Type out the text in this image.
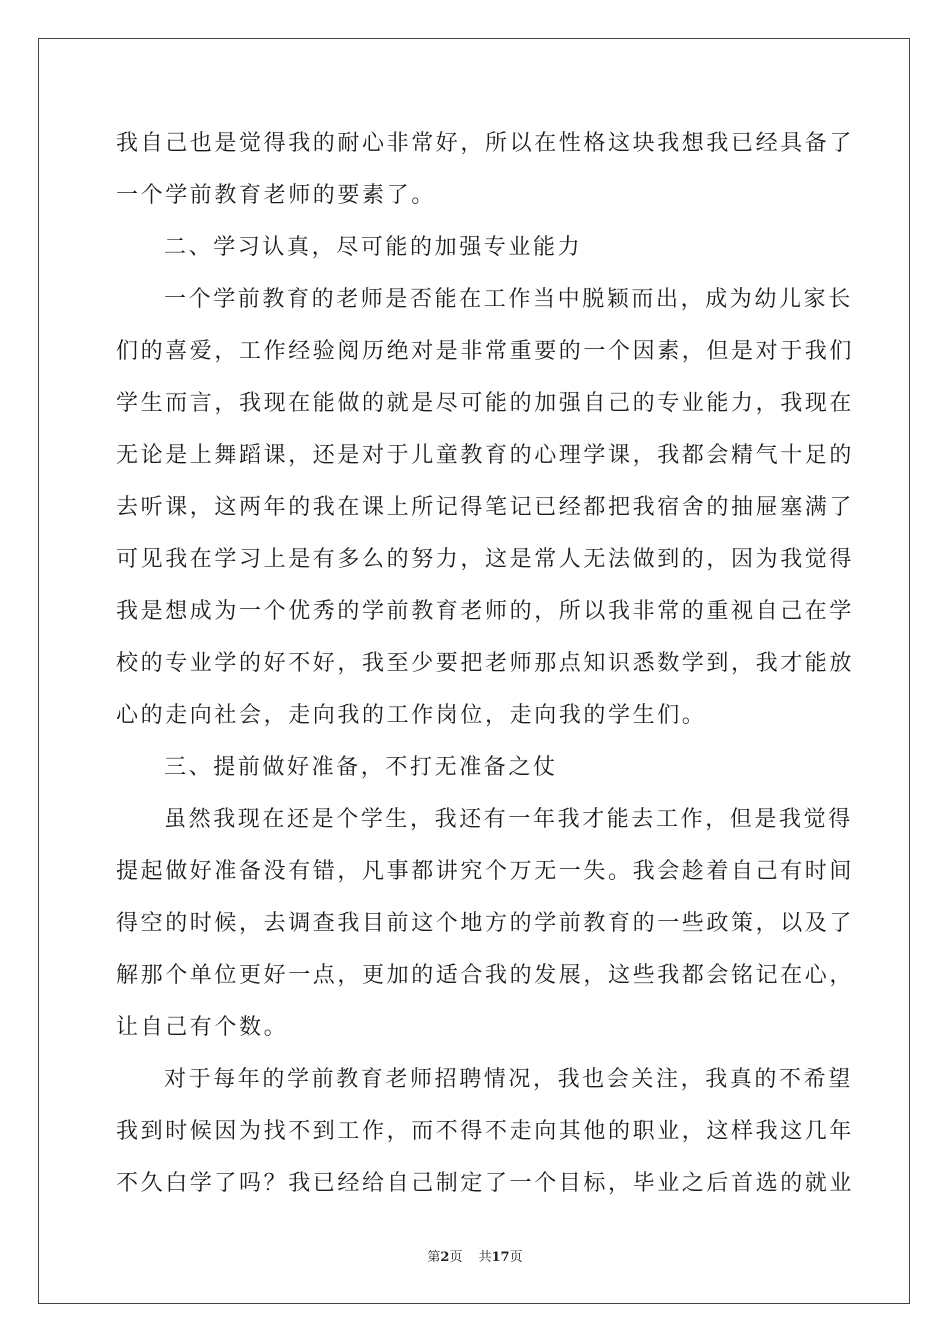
我自己也是觉得我的耐心非常好，所以在性格这块我想我已经具备了
一个学前教育老师的要素了。
二、学习认真，尽可能的加强专业能力
一个学前教育的老师是否能在工作当中脱颖而出，成为幼儿家长
们的喜爱，工作经验阅历绝对是非常重要的一个因素，但是对于我们
学生而言，我现在能做的就是尽可能的加强自己的专业能力，我现在
无论是上舞蹈课，还是对于儿童教育的心理学课，我都会精气十足的
去听课，这两年的我在课上所记得笔记已经都把我宿舍的抽屉塞满了
可见我在学习上是有多么的努力，这是常人无法做到的，因为我觉得
我是想成为一个优秀的学前教育老师的，所以我非常的重视自己在学
校的专业学的好不好，我至少要把老师那点知识悉数学到，我才能放
心的走向社会，走向我的工作岗位，走向我的学生们。
三、提前做好准备，不打无准备之仗
虽然我现在还是个学生，我还有一年我才能去工作，但是我觉得
提起做好准备没有错，凡事都讲究个万无一失。我会趁着自己有时间
得空的时候，去调查我目前这个地方的学前教育的一些政策，以及了
解那个单位更好一点，更加的适合我的发展，这些我都会铭记在心，
让自己有个数。
对于每年的学前教育老师招聘情况，我也会关注，我真的不希望
我到时候因为找不到工作，而不得不走向其他的职业，这样我这几年
不久白学了吗？我已经给自己制定了一个目标，毕业之后首选的就业
第2页 共17页
